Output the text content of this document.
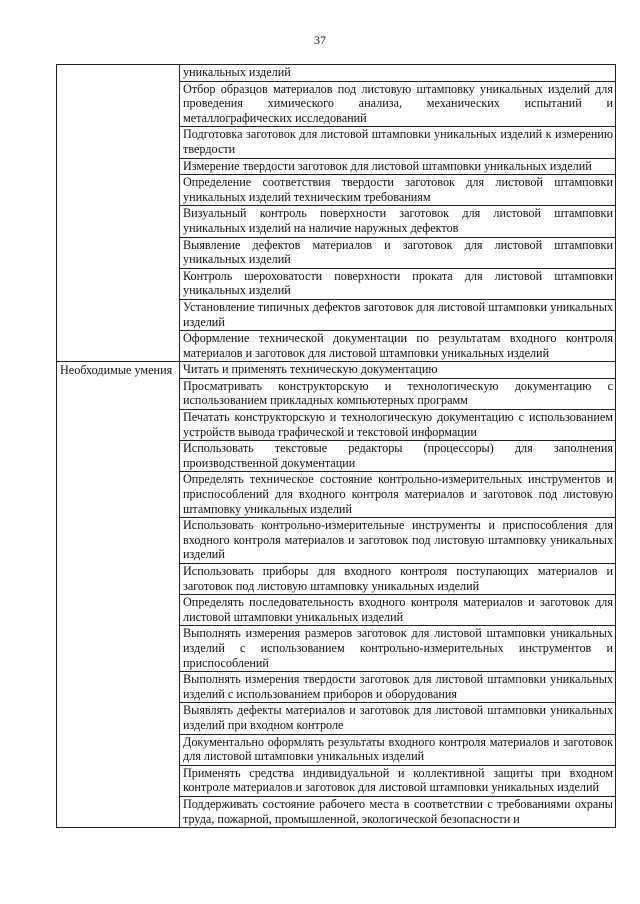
37
	уникальных изделий
	Отбор образцов материалов под листовую штамповку уникальных изделий для проведения химического анализа, механических испытаний и металлографических исследований
	Подготовка заготовок для листовой штамповки уникальных изделий к измерению твердости
	Измерение твердости заготовок для листовой штамповки уникальных изделий
	Определение соответствия твердости заготовок для листовой штамповки уникальных изделий техническим требованиям
	Визуальный контроль поверхности заготовок для листовой штамповки уникальных изделий на наличие наружных дефектов
	Выявление дефектов материалов и заготовок для листовой штамповки уникальных изделий
	Контроль шероховатости поверхности проката для листовой штамповки уникальных изделий
	Установление типичных дефектов заготовок для листовой штамповки уникальных изделий
	Оформление технической документации по результатам входного контроля материалов и заготовок для листовой штамповки уникальных изделий

Необходимые умения	Читать и применять техническую документацию
	Просматривать конструкторскую и технологическую документацию с использованием прикладных компьютерных программ
	Печатать конструкторскую и технологическую документацию с использованием устройств вывода графической и текстовой информации
	Использовать текстовые редакторы (процессоры) для заполнения производственной документации
	Определять техническое состояние контрольно-измерительных инструментов и приспособлений для входного контроля материалов и заготовок под листовую штамповку уникальных изделий
	Использовать контрольно-измерительные инструменты и приспособления для входного контроля материалов и заготовок под листовую штамповку уникальных изделий
	Использовать приборы для входного контроля поступающих материалов и заготовок под листовую штамповку уникальных изделий
	Определять последовательность входного контроля материалов и заготовок для листовой штамповки уникальных изделий
	Выполнять измерения размеров заготовок для листовой штамповки уникальных изделий с использованием контрольно-измерительных инструментов и приспособлений
	Выполнять измерения твердости заготовок для листовой штамповки уникальных изделий с использованием приборов и оборудования
	Выявлять дефекты материалов и заготовок для листовой штамповки уникальных изделий при входном контроле
	Документально оформлять результаты входного контроля материалов и заготовок для листовой штамповки уникальных изделий
	Применять средства индивидуальной и коллективной защиты при входном контроле материалов и заготовок для листовой штамповки уникальных изделий
	Поддерживать состояние рабочего места в соответствии с требованиями охраны труда, пожарной, промышленной, экологической безопасности и
